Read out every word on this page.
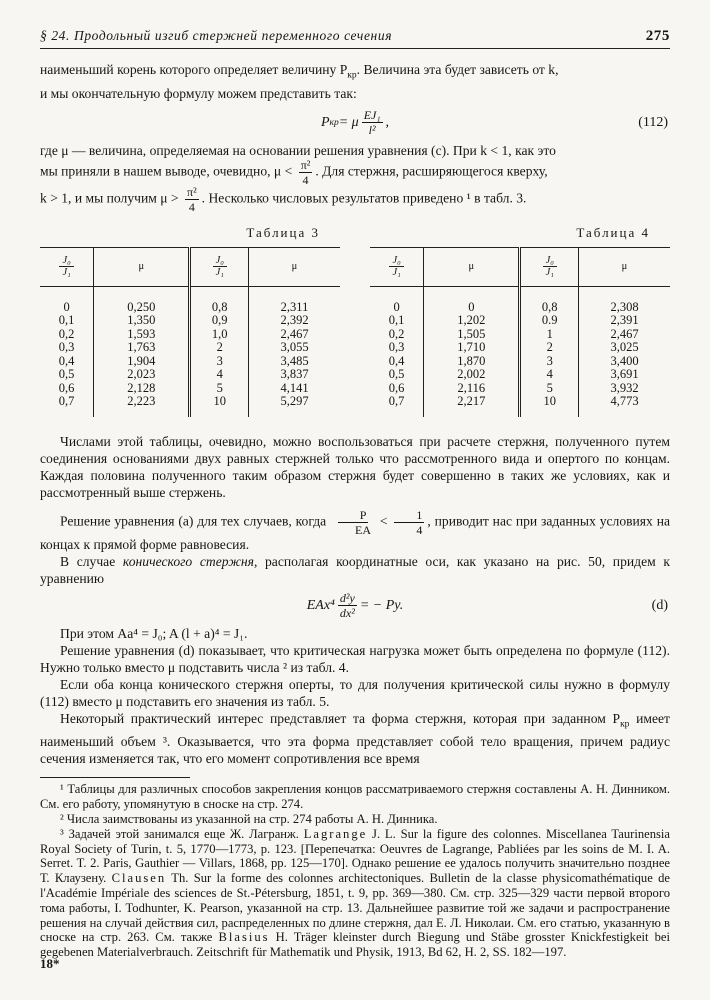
§ 24. Продольный изгиб стержней переменного сечения	275

наименьший корень которого определяет величину $P_{кр}$. Величина эта будет зависеть от k,
и мы окончательную формулу можем представить так:

P кр = μ $\frac{\text{EJ₁}}{\text{l²}}$ ,	(112)

где μ — величина, определяемая на основании решения уравнения (c). При k < 1, как это
мы приняли в нашем выводе, очевидно, $\mu < \frac{\text{π²}}{4}$ . Для стержня, расширяющегося кверху,
k > 1, и мы получим $\mu > \frac{\text{π²}}{4}$ . Несколько числовых результатов приведено ¹ в табл. 3.

Таблица 3
$\frac{\text{J₀}}{\text{J₁}}$	μ	$\frac{\text{J₀}}{\text{J₁}}$	μ
0	0,250	0,8	2,311
0,1	1,350	0,9	2,392
0,2	1,593	1,0	2,467
0,3	1,763	2	3,055
0,4	1,904	3	3,485
0,5	2,023	4	3,837
0,6	2,128	5	4,141
0,7	2,223	10	5,297
Таблица 4
$\frac{\text{J₀}}{\text{J₁}}$	μ	$\frac{\text{J₀}}{\text{J₁}}$	μ
0	0	0,8	2,308
0,1	1,202	0.9	2,391
0,2	1,505	1	2,467
0,3	1,710	2	3,025
0,4	1,870	3	3,400
0,5	2,002	4	3,691
0,6	2,116	5	3,932
0,7	2,217	10	4,773

Числами этой таблицы, очевидно, можно воспользоваться при расчете стержня, полученного путем соединения основаниями двух равных стержней только что рассмотренного вида и опертого по концам. Каждая половина полученного таким образом стержня будет совершенно в таких же условиях, как и рассмотренный выше стержень.

Решение уравнения (a) для тех случаев, когда $\frac{P}{EA} < \frac{1}{4}$ , приводит нас при заданных условиях на концах к прямой форме равновесия.

В случае конического стержня, располагая координатные оси, как указано на рис. 50, придем к уравнению

$EAx^4 \frac{\text{d²y}}{\text{dx²}}$ = − Py.	(d)

При этом Aa⁴ = J₀; A (l + a)⁴ = J₁.

Решение уравнения (d) показывает, что критическая нагрузка может быть определена по формуле (112). Нужно только вместо μ подставить числа ² из табл. 4.

Если оба конца конического стержня оперты, то для получения критической силы нужно в формулу (112) вместо μ подставить его значения из табл. 5.

Некоторый практический интерес представляет та форма стержня, которая при заданном $P_{кр}$ имеет наименьший объем ³. Оказывается, что эта форма представляет собой тело вращения, причем радиус сечения изменяется так, что его момент сопротивления все время

¹ Таблицы для различных способов закрепления концов рассматриваемого стержня составлены А. Н. Динником. См. его работу, упомянутую в сноске на стр. 274.

² Числа заимствованы из указанной на стр. 274 работы А. Н. Динника.

³ Задачей этой занимался еще Ж. Лагранж. Lagrange J. L. Sur la figure des colonnes. Miscellanea Taurinensia Royal Society of Turin, t. 5, 1770—1773, p. 123. [Перепечатка: Oeuvres de Lagrange, Pabliées par les soins de M. I. A. Serret. T. 2. Paris, Gauthier — Villars, 1868, pp. 125—170]. Однако решение ее удалось получить значительно позднее Т. Клаузену. Clausen Th. Sur la forme des colonnes architectoniques. Bulletin de la classe physicomathématique de l'Académie Impériale des sciences de St.-Pétersburg, 1851, t. 9, pp. 369—380. См. стр. 325—329 части первой второго тома работы, I. Todhunter, K. Pearson, указанной на стр. 13. Дальнейшее развитие той же задачи и распространение решения на случай действия сил, распределенных по длине стержня, дал Е. Л. Николаи. См. его статью, указанную в сноске на стр. 263. См. также Blasius H. Träger kleinster durch Biegung und Stäbe grosster Knickfestigkeit bei gegebenen Materialverbrauch. Zeitschrift für Mathematik und Physik, 1913, Bd 62, H. 2, SS. 182—197.

18*
